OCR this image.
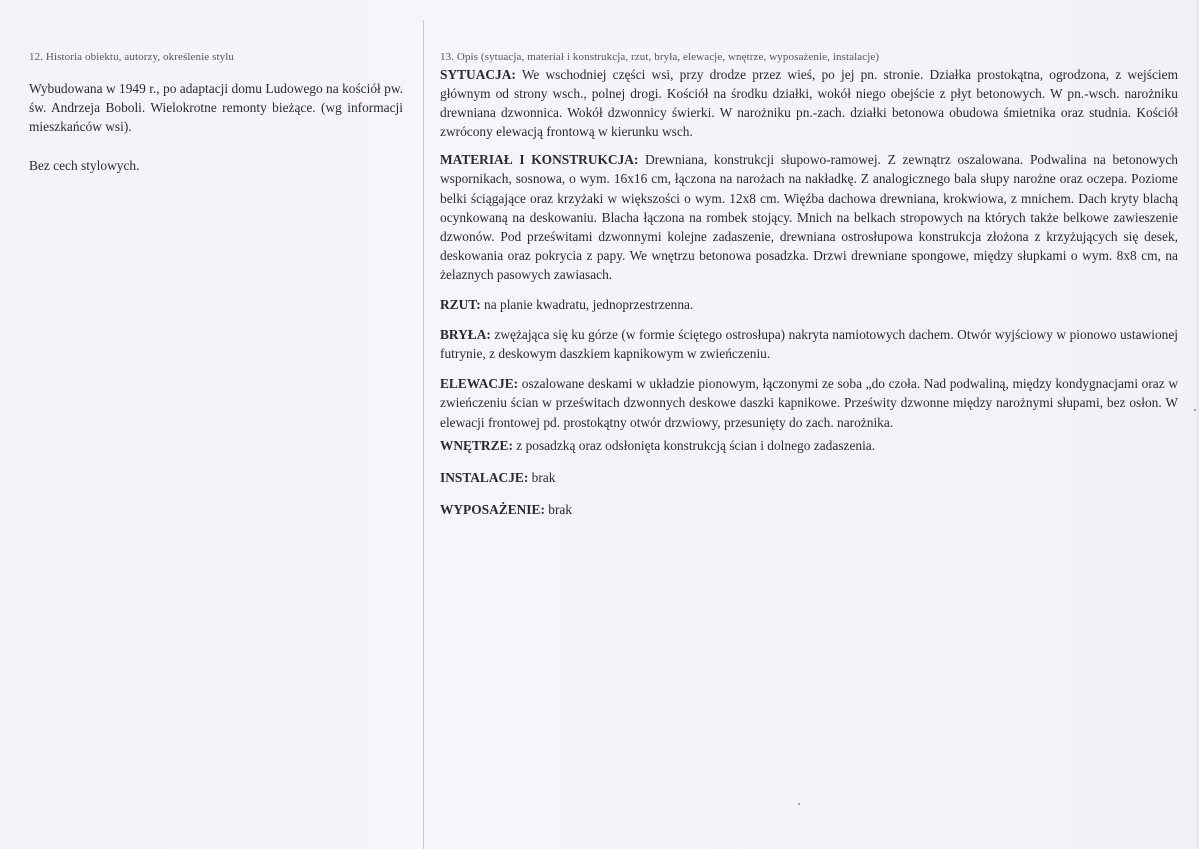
12. Historia obiektu, autorzy, określenie stylu

Wybudowana w 1949 r., po adaptacji domu Ludowego na kościół pw. św. Andrzeja Boboli. Wielokrotne remonty bieżące. (wg informacji mieszkańców wsi).

Bez cech stylowych.

13. Opis (sytuacja, materiał i konstrukcja, rzut, bryła, elewacje, wnętrze, wyposażenie, instalacje)

SYTUACJA: We wschodniej części wsi, przy drodze przez wieś, po jej pn. stronie. Działka prostokątna, ogrodzona, z wejściem głównym od strony wsch., polnej drogi. Kościół na środku działki, wokół niego obejście z płyt betonowych. W pn.-wsch. narożniku drewniana dzwonnica. Wokół dzwonnicy świerki. W narożniku pn.-zach. działki betonowa obudowa śmietnika oraz studnia. Kościół zwrócony elewacją frontową w kierunku wsch.

MATERIAŁ I KONSTRUKCJA: Drewniana, konstrukcji słupowo-ramowej. Z zewnątrz oszalowana. Podwalina na betonowych wspornikach, sosnowa, o wym. 16x16 cm, łączona na narożach na nakładkę. Z analogicznego bala słupy narożne oraz oczepa. Poziome belki ściągające oraz krzyżaki w większości o wym. 12x8 cm. Więźba dachowa drewniana, krokwiowa, z mnichem. Dach kryty blachą ocynkowaną na deskowaniu. Blacha łączona na rombek stojący. Mnich na belkach stropowych na których także belkowe zawieszenie dzwonów. Pod prześwitami dzwonnymi kolejne zadaszenie, drewniana ostrosłupowa konstrukcja złożona z krzyżujących się desek, deskowania oraz pokrycia z papy. We wnętrzu betonowa posadzka. Drzwi drewniane spongowe, między słupkami o wym. 8x8 cm, na żelaznych pasowych zawiasach.

RZUT: na planie kwadratu, jednoprzestrzenna.

BRYŁA: zwężająca się ku górze (w formie ściętego ostrosłupa) nakryta namiotowych dachem. Otwór wyjściowy w pionowo ustawionej futrynie, z deskowym daszkiem kapnikowym w zwieńczeniu.

ELEWACJE: oszalowane deskami w układzie pionowym, łączonymi ze soba „do czoła. Nad podwaliną, między kondygnacjami oraz w zwieńczeniu ścian w prześwitach dzwonnych deskowe daszki kapnikowe. Prześwity dzwonne między narożnymi słupami, bez osłon. W elewacji frontowej pd. prostokątny otwór drzwiowy, przesunięty do zach. narożnika.

WNĘTRZE: z posadzką oraz odsłonięta konstrukcją ścian i dolnego zadaszenia.

INSTALACJE: brak

WYPOSAŻENIE: brak
